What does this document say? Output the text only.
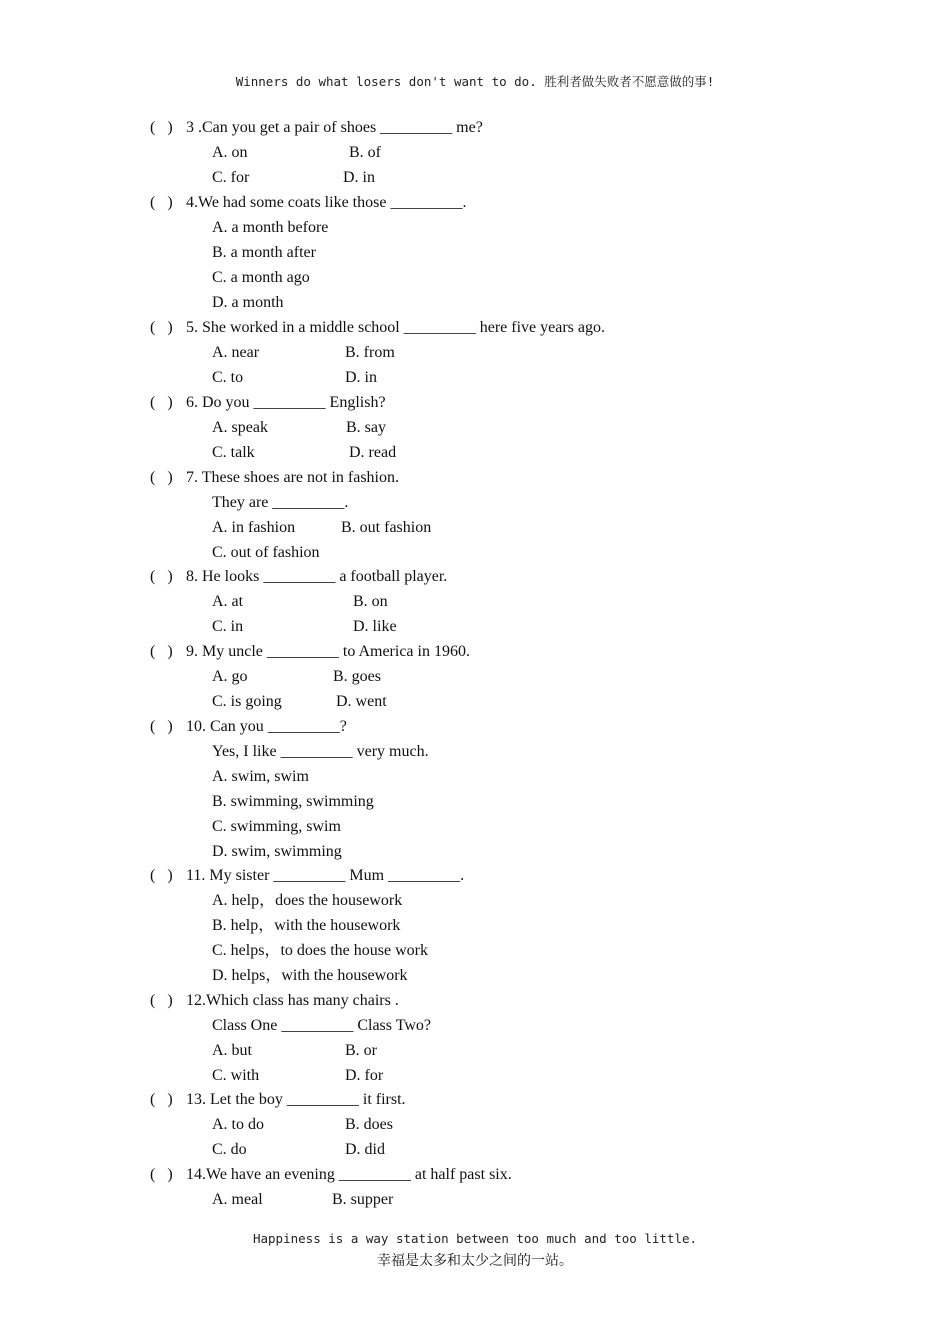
Winners do what losers don't want to do. 胜利者做失败者不愿意做的事!
(   ) 3 .Can you get a pair of shoes _________ me?
A. on	B. of
C. for	D. in
(   ) 4.We had some coats like those _________.
A. a month before
B. a month after
C. a month ago
D. a month
(   ) 5. She worked in a middle school _________ here five years ago.
A. near	B. from
C. to	D. in
(   ) 6. Do you _________ English?
A. speak	B. say
C. talk	D. read
(   ) 7. These shoes are not in fashion.
They are _________.
A. in fashion	B. out fashion
C. out of fashion
(   ) 8. He looks _________ a football player.
A. at	B. on
C. in	D. like
(   ) 9. My uncle _________ to America in 1960.
A. go	B. goes
C. is going	D. went
(   ) 10. Can you _________?
Yes, I like _________ very much.
A. swim, swim
B. swimming, swimming
C. swimming, swim
D. swim, swimming
(   ) 11. My sister _________ Mum _________.
A. help，does the housework
B. help，with the housework
C. helps，to does the house work
D. helps，with the housework
(   ) 12.Which class has many chairs .
Class One _________ Class Two?
A. but	B. or
C. with	D. for
(   ) 13. Let the boy _________ it first.
A. to do	B. does
C. do	D. did
(   ) 14.We have an evening _________ at half past six.
A. meal	B. supper
Happiness is a way station between too much and too little.
幸福是太多和太少之间的一站。
